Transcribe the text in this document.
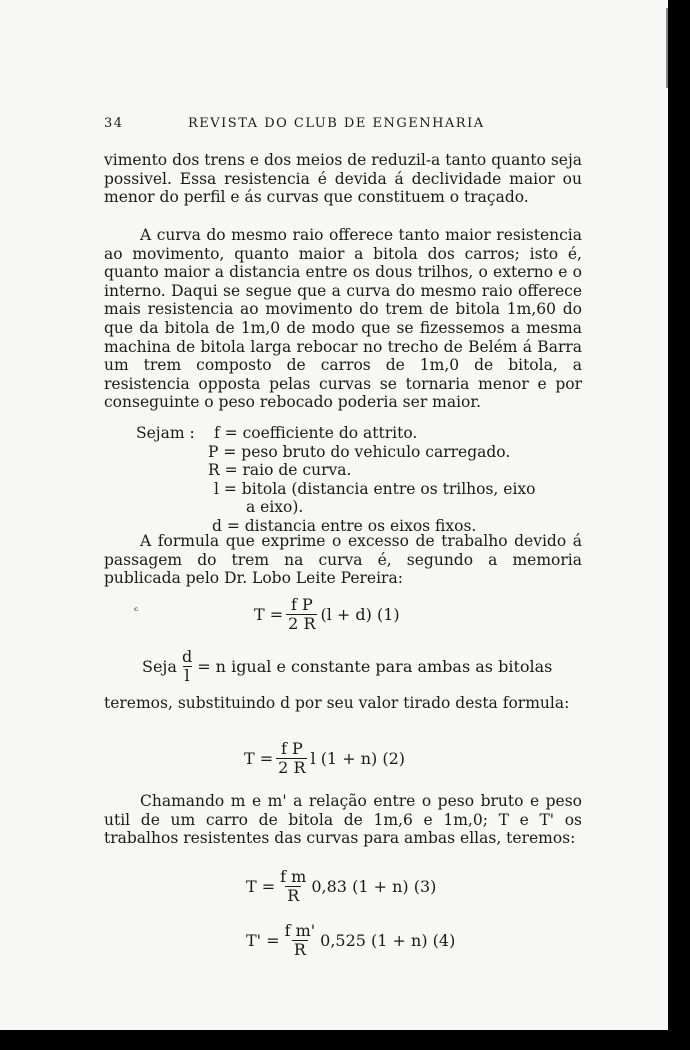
34	REVISTA DO CLUB DE ENGENHARIA

vimento dos trens e dos meios de reduzil-a tanto quanto seja possivel. Essa resistencia é devida á declividade maior ou menor do perfil e ás curvas que constituem o traçado.

A curva do mesmo raio offerece tanto maior resistencia ao movimento, quanto maior a bitola dos carros; isto é, quanto maior a distancia entre os dous trilhos, o externo e o interno. Daqui se segue que a curva do mesmo raio offerece mais resistencia ao movimento do trem de bitola 1m,60 do que da bitola de 1m,0 de modo que se fizessemos a mesma machina de bitola larga rebocar no trecho de Belém á Barra um trem composto de carros de 1m,0 de bitola, a resistencia opposta pelas curvas se tornaria menor e por conseguinte o peso rebocado poderia ser maior.

Sejam : f = coefficiente do attrito.
P = peso bruto do vehiculo carregado.
R = raio de curva.
l = bitola (distancia entre os trilhos, eixo
a eixo).
d = distancia entre os eixos fixos.

A formula que exprime o excesso de trabalho devido á passagem do trem na curva é, segundo a memoria publicada pelo Dr. Lobo Leite Pereira:

ᶜ	$T = \frac{\text{f P}}{2 R} (l + d)$ (1)
Seja $\frac{d}{l} = n$ igual e constante para ambas as bitolas

teremos, substituindo d por seu valor tirado desta formula:

$T = \frac{\text{f P}}{2 R}$ l (1 + n) (2)

Chamando m e m' a relação entre o peso bruto e peso util de um carro de bitola de 1m,6 e 1m,0; T e T' os trabalhos resistentes das curvas para ambas ellas, teremos:

$T = \frac{\text{f m}}{R} 0,83$ (1 + n) (3)
$T' = \frac{\text{f m'}}{R} 0,525$ (1 + n) (4)
